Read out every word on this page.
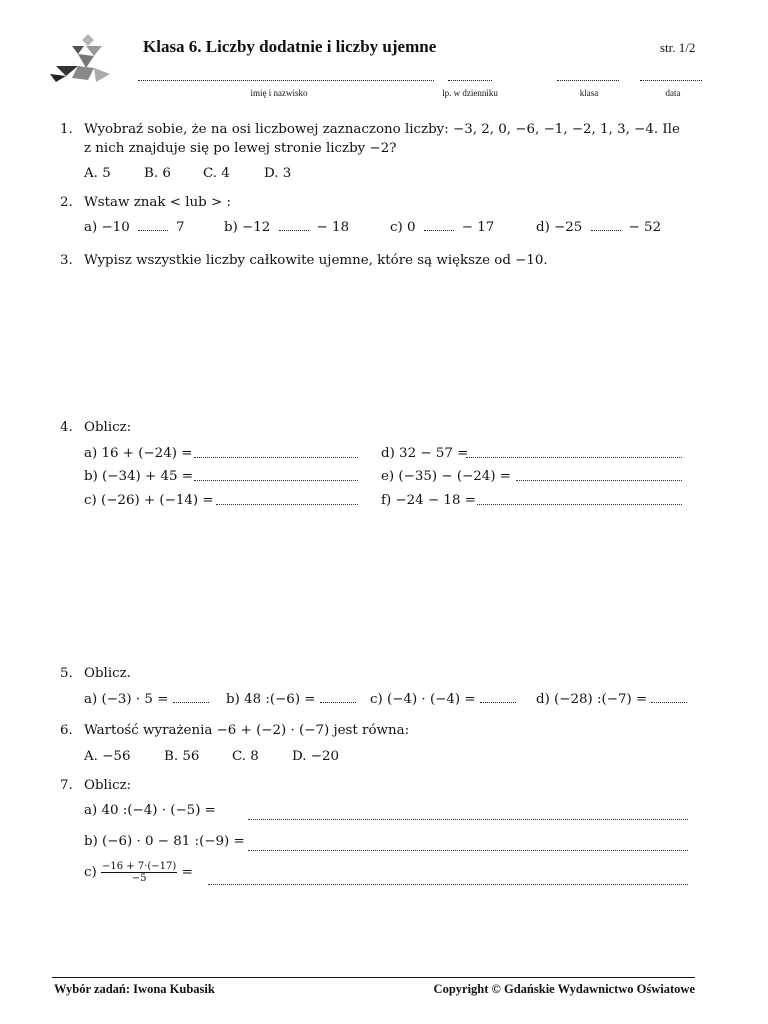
Klasa 6. Liczby dodatnie i liczby ujemne	str. 1/2
imię i nazwisko	lp. w dzienniku	klasa	data
1. Wyobraź sobie, że na osi liczbowej zaznaczono liczby: −3, 2, 0, −6, −1, −2, 1, 3, −4. Ile
z nich znajduje się po lewej stronie liczby −2?
A. 5 B. 6 C. 4	D. 3
2. Wstaw znak < lub > :
a) −10	7	b) −12	− 18	c) 0	− 17	d) −25	− 52
3. Wypisz wszystkie liczby całkowite ujemne, które są większe od −10.
4. Oblicz:
a) 16 + (−24) =
b) (−34) + 45 =
c) (−26) + (−14) =
d) 32 − 57 =
e) (−35) − (−24) =
f) −24 − 18 =
5. Oblicz.
a) (−3) · 5 =	b) 48 :(−6) =	c) (−4) · (−4) =	d) (−28) :(−7) =
6. Wartość wyrażenia −6 + (−2) · (−7) jest równa:
A. −56	B. 56 C. 8 D. −20
7. Oblicz:
a) 40 :(−4) · (−5) =
b) (−6) · 0 − 81 :(−9) =
$c) \frac{-16 + 7\cdot(-17)}{-5}$ =
Wybór zadań: Iwona Kubasik	Copyright © Gdańskie Wydawnictwo Oświatowe
